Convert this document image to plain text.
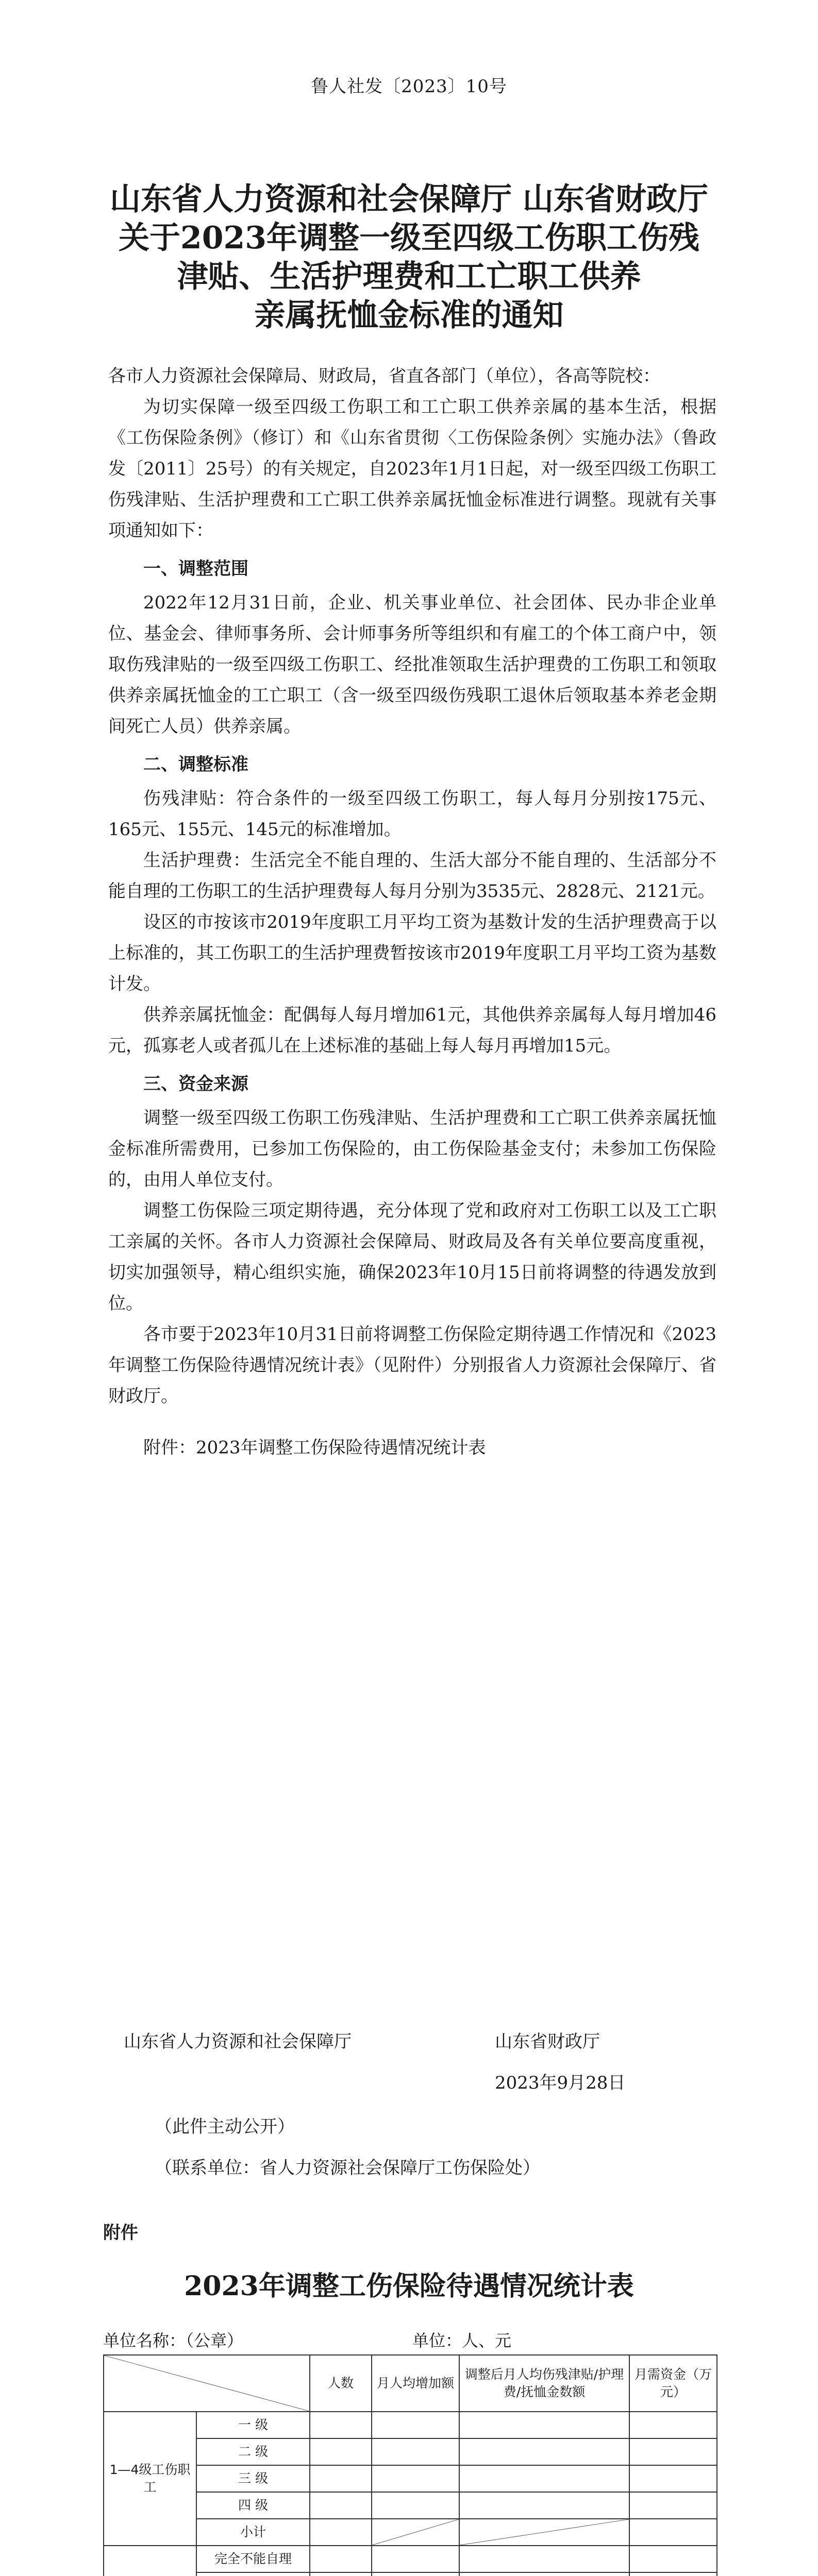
鲁人社发〔2023〕10号
山东省人力资源和社会保障厅 山东省财政厅
关于2023年调整一级至四级工伤职工伤残
津贴、生活护理费和工亡职工供养
亲属抚恤金标准的通知

各市人力资源社会保障局、财政局，省直各部门（单位），各高等院校：

为切实保障一级至四级工伤职工和工亡职工供养亲属的基本生活，根据《工伤保险条例》（修订）和《山东省贯彻〈工伤保险条例〉实施办法》（鲁政发〔2011〕25号）的有关规定，自2023年1月1日起，对一级至四级工伤职工伤残津贴、生活护理费和工亡职工供养亲属抚恤金标准进行调整。现就有关事项通知如下：

一、调整范围

2022年12月31日前，企业、机关事业单位、社会团体、民办非企业单位、基金会、律师事务所、会计师事务所等组织和有雇工的个体工商户中，领取伤残津贴的一级至四级工伤职工、经批准领取生活护理费的工伤职工和领取供养亲属抚恤金的工亡职工（含一级至四级伤残职工退休后领取基本养老金期间死亡人员）供养亲属。

二、调整标准

伤残津贴：符合条件的一级至四级工伤职工，每人每月分别按175元、165元、155元、145元的标准增加。

生活护理费：生活完全不能自理的、生活大部分不能自理的、生活部分不能自理的工伤职工的生活护理费每人每月分别为3535元、2828元、2121元。

设区的市按该市2019年度职工月平均工资为基数计发的生活护理费高于以上标准的，其工伤职工的生活护理费暂按该市2019年度职工月平均工资为基数计发。

供养亲属抚恤金：配偶每人每月增加61元，其他供养亲属每人每月增加46元，孤寡老人或者孤儿在上述标准的基础上每人每月再增加15元。

三、资金来源

调整一级至四级工伤职工伤残津贴、生活护理费和工亡职工供养亲属抚恤金标准所需费用，已参加工伤保险的，由工伤保险基金支付；未参加工伤保险的，由用人单位支付。

调整工伤保险三项定期待遇，充分体现了党和政府对工伤职工以及工亡职工亲属的关怀。各市人力资源社会保障局、财政局及各有关单位要高度重视，切实加强领导，精心组织实施，确保2023年10月15日前将调整的待遇发放到位。

各市要于2023年10月31日前将调整工伤保险定期待遇工作情况和《2023年调整工伤保险待遇情况统计表》（见附件）分别报省人力资源社会保障厅、省财政厅。

附件：2023年调整工伤保险待遇情况统计表

山东省人力资源和社会保障厅	山东省财政厅
2023年9月28日
（此件主动公开）
（联系单位：省人力资源社会保障厅工伤保险处）
附件
2023年调整工伤保险待遇情况统计表
单位名称：（公章）	单位：人、元
	人数	月人均增加额	调整后月人均伤残津贴/护理费/抚恤金数额	月需资金（万元）
1—4级工伤职工	一 级				
	二 级				
	三 级				
	四 级				
	小计		

	完全不能自理				
